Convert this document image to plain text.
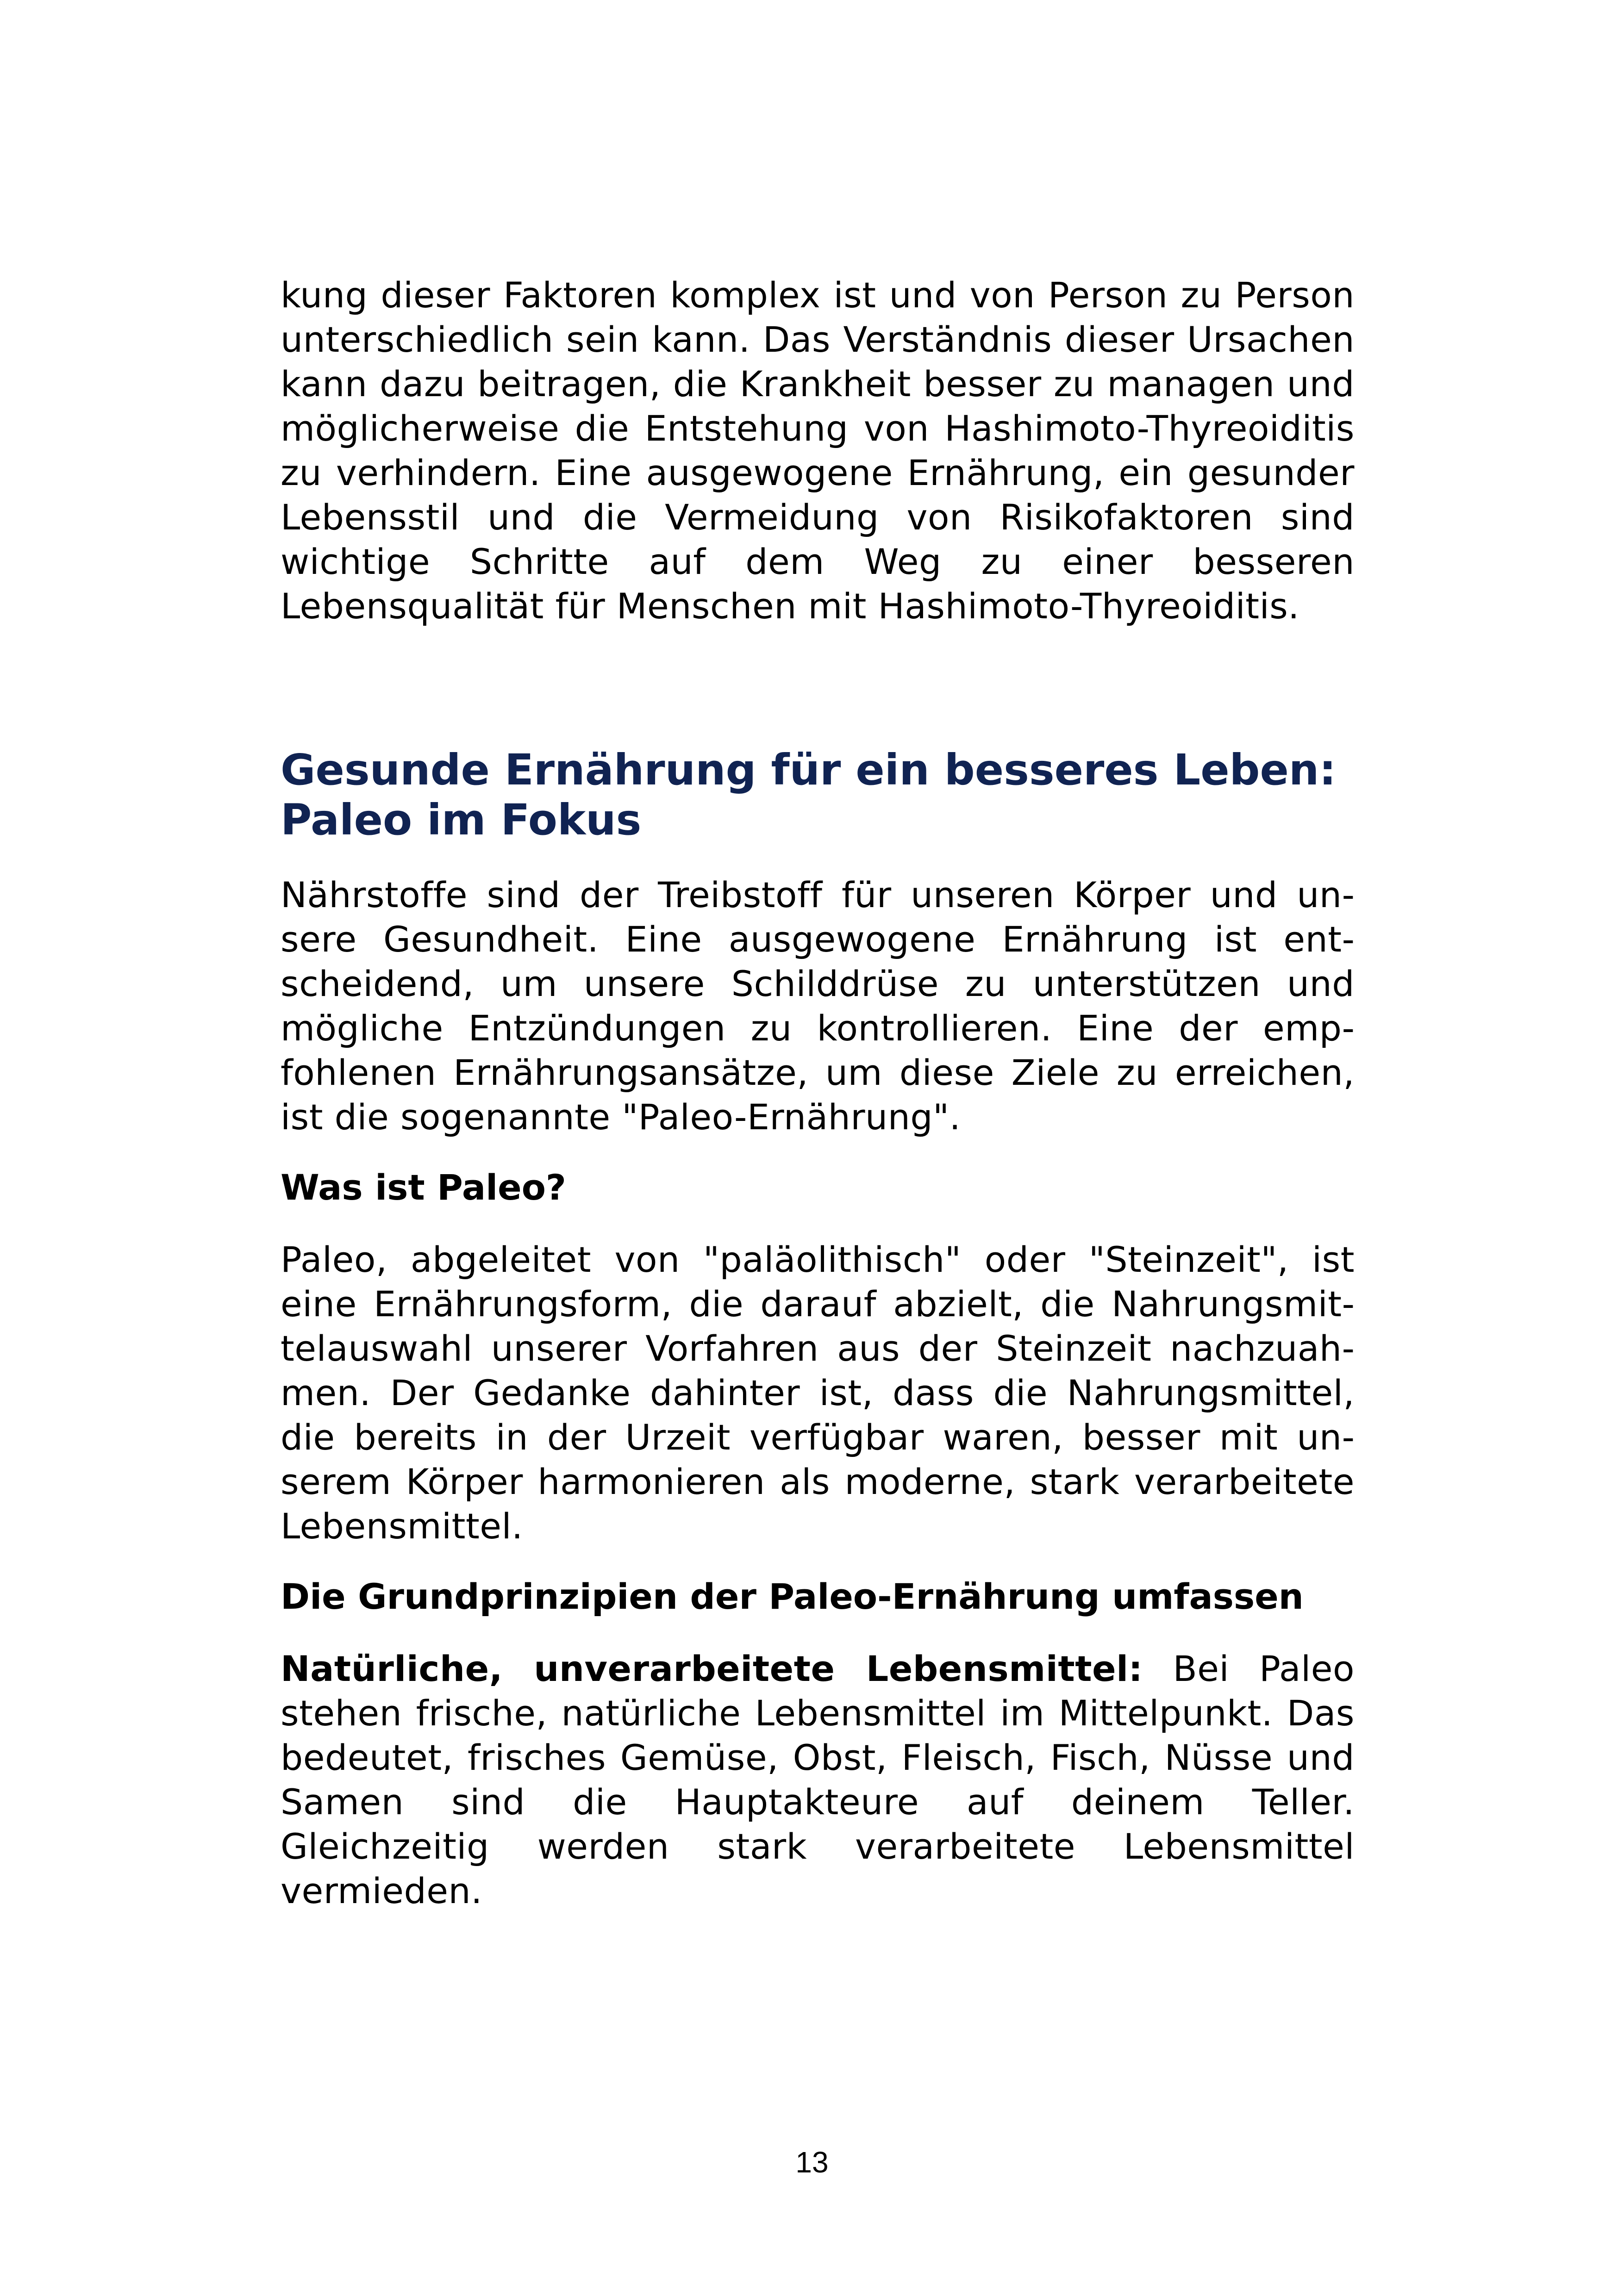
kung dieser Faktoren komplex ist und von Person zu Person unterschiedlich sein kann. Das Verständnis dieser Ursachen kann dazu beitragen, die Krankheit besser zu managen und möglicherweise die Entstehung von Hashimoto-Thyreoiditis zu verhindern. Eine ausgewogene Ernährung, ein gesunder Lebensstil und die Vermeidung von Risikofaktoren sind wichtige Schritte auf dem Weg zu einer besseren Lebensqualität für Menschen mit Hashimoto-Thyreoiditis.

Gesunde Ernährung für ein besseres Leben: Paleo im Fokus

Nährstoffe sind der Treibstoff für unseren Körper und unsere Gesundheit. Eine ausgewogene Ernährung ist entscheidend, um unsere Schilddrüse zu unterstützen und mögliche Entzündungen zu kontrollieren. Eine der empfohlenen Ernährungsansätze, um diese Ziele zu erreichen, ist die sogenannte "Paleo-Ernährung".

Was ist Paleo?

Paleo, abgeleitet von "paläolithisch" oder "Steinzeit", ist eine Ernährungsform, die darauf abzielt, die Nahrungsmittelauswahl unserer Vorfahren aus der Steinzeit nachzuahmen. Der Gedanke dahinter ist, dass die Nahrungsmittel, die bereits in der Urzeit verfügbar waren, besser mit unserem Körper harmonieren als moderne, stark verarbeitete Lebensmittel.

Die Grundprinzipien der Paleo-Ernährung umfassen

Natürliche, unverarbeitete Lebensmittel: Bei Paleo stehen frische, natürliche Lebensmittel im Mittelpunkt. Das bedeutet, frisches Gemüse, Obst, Fleisch, Fisch, Nüsse und Samen sind die Hauptakteure auf deinem Teller. Gleichzeitig werden stark verarbeitete Lebensmittel vermieden.

13
